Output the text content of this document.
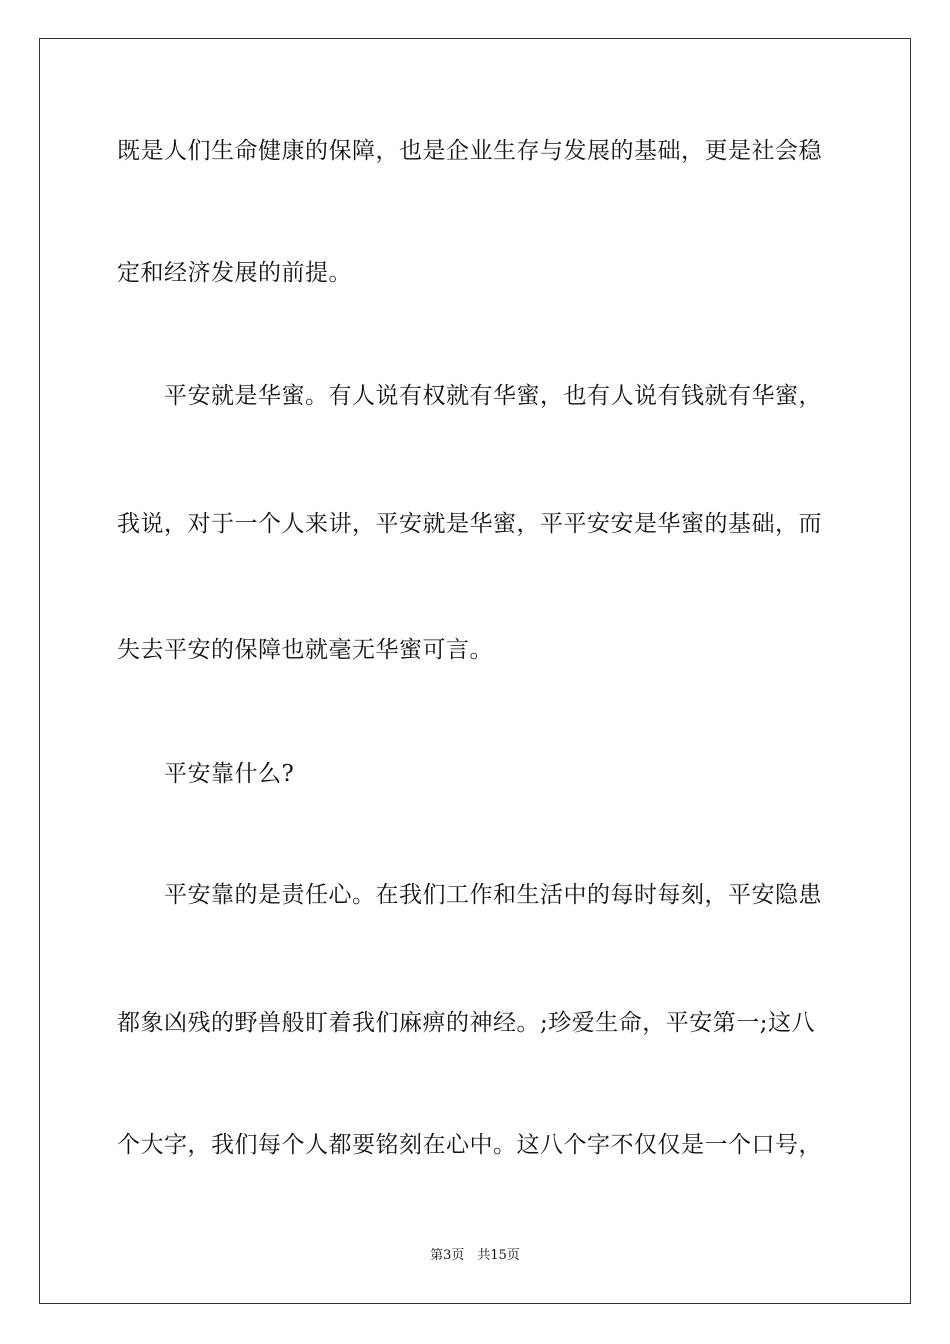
既是人们生命健康的保障，也是企业生存与发展的基础，更是社会稳
定和经济发展的前提。
　　平安就是华蜜。有人说有权就有华蜜，也有人说有钱就有华蜜，
我说，对于一个人来讲，平安就是华蜜，平平安安是华蜜的基础，而
失去平安的保障也就毫无华蜜可言。
　　平安靠什么?
　　平安靠的是责任心。在我们工作和生活中的每时每刻，平安隐患
都象凶残的野兽般盯着我们麻痹的神经。;珍爱生命，平安第一;这八
个大字，我们每个人都要铭刻在心中。这八个字不仅仅是一个口号，
第3页　共15页
